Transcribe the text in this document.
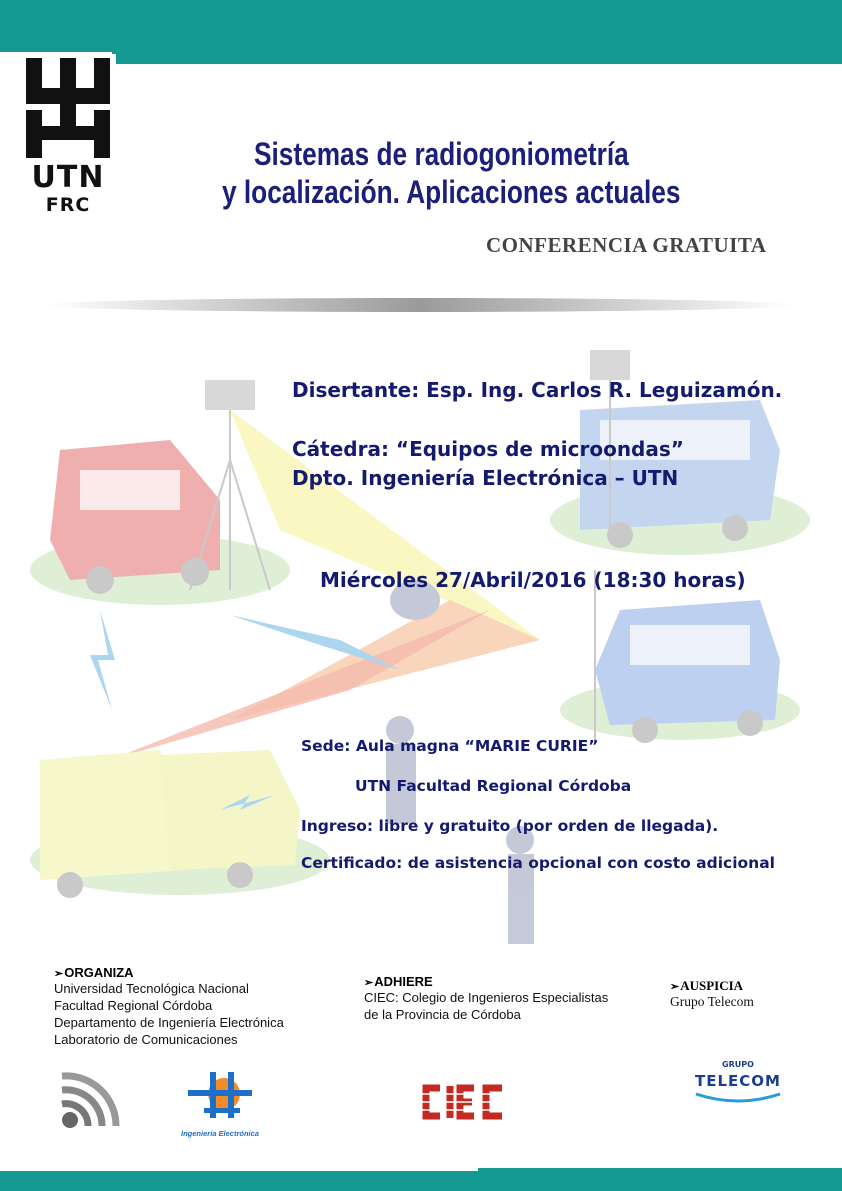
UTN
FRC
Sistemas de radiogoniometría
y localización. Aplicaciones actuales
CONFERENCIA GRATUITA
Disertante: Esp. Ing. Carlos R. Leguizamón.
Cátedra: “Equipos de microondas”
Dpto. Ingeniería Electrónica – UTN
Miércoles 27/Abril/2016 (18:30 horas)
Sede: Aula magna “MARIE CURIE”
UTN Facultad Regional Córdoba
Ingreso: libre y gratuito (por orden de llegada).
Certificado: de asistencia opcional con costo adicional
➢ORGANIZA
Universidad Tecnológica Nacional
Facultad Regional Córdoba
Departamento de Ingeniería Electrónica
Laboratorio de Comunicaciones
➢ADHIERE
CIEC: Colegio de Ingenieros Especialistas
de la Provincia de Córdoba
➢AUSPICIA
Grupo Telecom
Ingeniería Electrónica
GRUPO
TELECOM
